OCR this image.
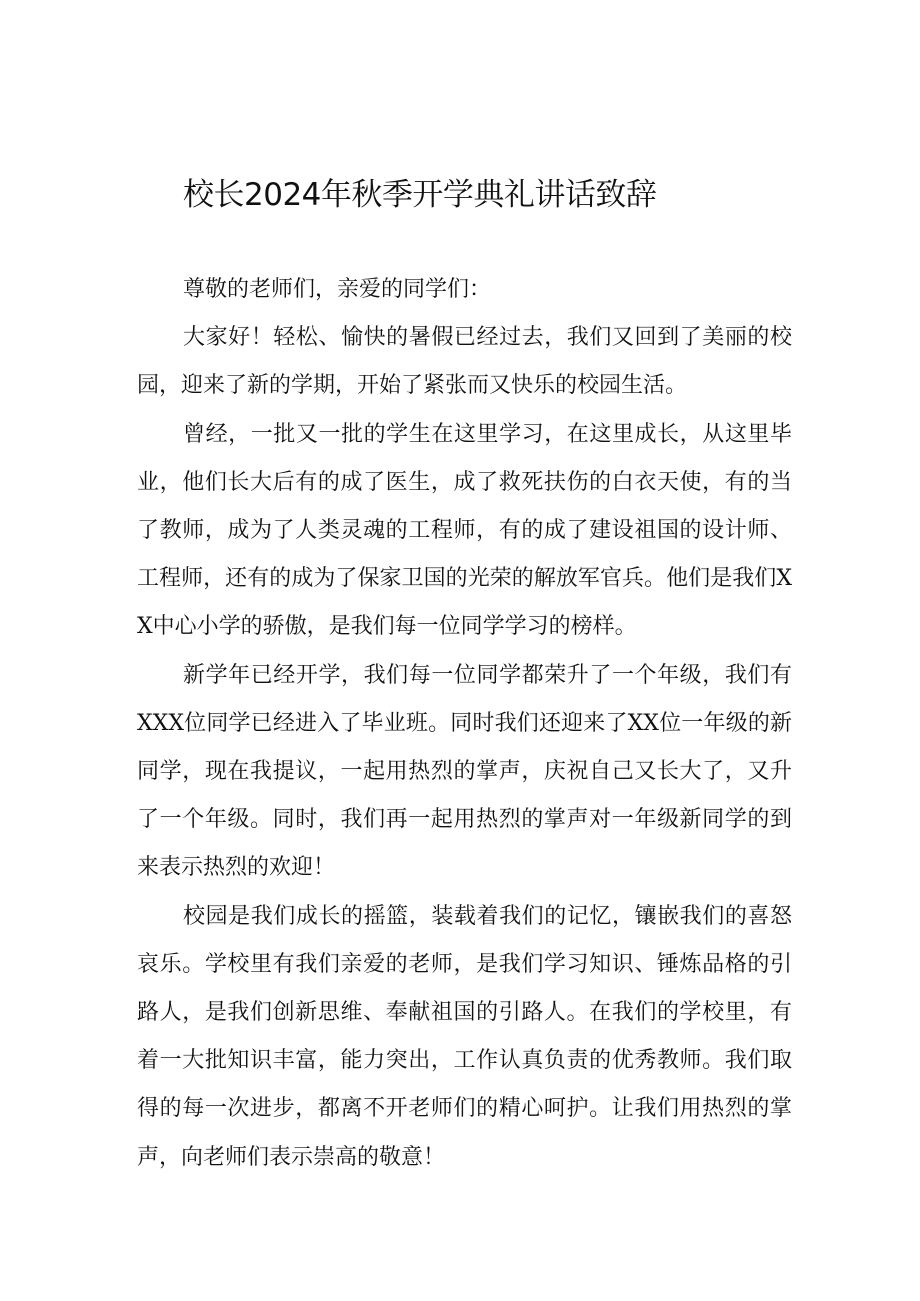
校长2024年秋季开学典礼讲话致辞

尊敬的老师们，亲爱的同学们：

大家好！轻松、愉快的暑假已经过去，我们又回到了美丽的校园，迎来了新的学期，开始了紧张而又快乐的校园生活。

曾经，一批又一批的学生在这里学习，在这里成长，从这里毕业，他们长大后有的成了医生，成了救死扶伤的白衣天使，有的当了教师，成为了人类灵魂的工程师，有的成了建设祖国的设计师、工程师，还有的成为了保家卫国的光荣的解放军官兵。他们是我们XX中心小学的骄傲，是我们每一位同学学习的榜样。

新学年已经开学，我们每一位同学都荣升了一个年级，我们有XXX位同学已经进入了毕业班。同时我们还迎来了XX位一年级的新同学，现在我提议，一起用热烈的掌声，庆祝自己又长大了，又升了一个年级。同时，我们再一起用热烈的掌声对一年级新同学的到来表示热烈的欢迎！

校园是我们成长的摇篮，装载着我们的记忆，镶嵌我们的喜怒哀乐。学校里有我们亲爱的老师，是我们学习知识、锤炼品格的引路人，是我们创新思维、奉献祖国的引路人。在我们的学校里，有着一大批知识丰富，能力突出，工作认真负责的优秀教师。我们取得的每一次进步，都离不开老师们的精心呵护。让我们用热烈的掌声，向老师们表示崇高的敬意！
